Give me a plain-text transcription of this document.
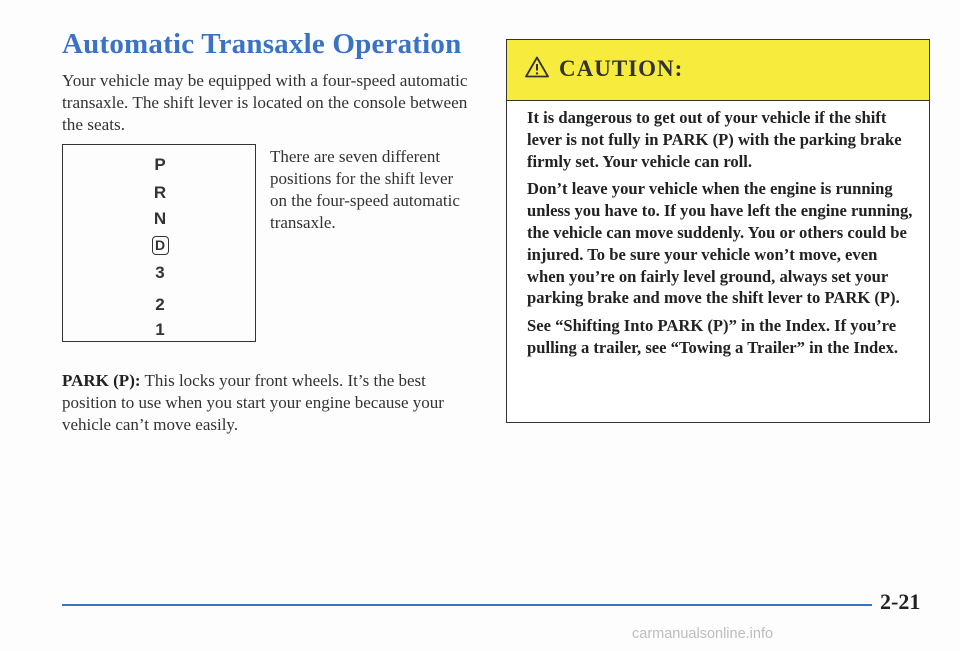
Automatic Transaxle Operation

Your vehicle may be equipped with a four-speed automatic transaxle. The shift lever is located on the console between the seats.

P
R
N
D
3
2
1

There are seven different positions for the shift lever on the four-speed automatic transaxle.

PARK (P): This locks your front wheels. It’s the best position to use when you start your engine because your vehicle can’t move easily.

CAUTION:

It is dangerous to get out of your vehicle if the shift lever is not fully in PARK (P) with the parking brake firmly set. Your vehicle can roll.

Don’t leave your vehicle when the engine is running unless you have to. If you have left the engine running, the vehicle can move suddenly. You or others could be injured. To be sure your vehicle won’t move, even when you’re on fairly level ground, always set your parking brake and move the shift lever to PARK (P).

See “Shifting Into PARK (P)” in the Index. If you’re pulling a trailer, see “Towing a Trailer” in the Index.

2-21
carmanualsonline.info
